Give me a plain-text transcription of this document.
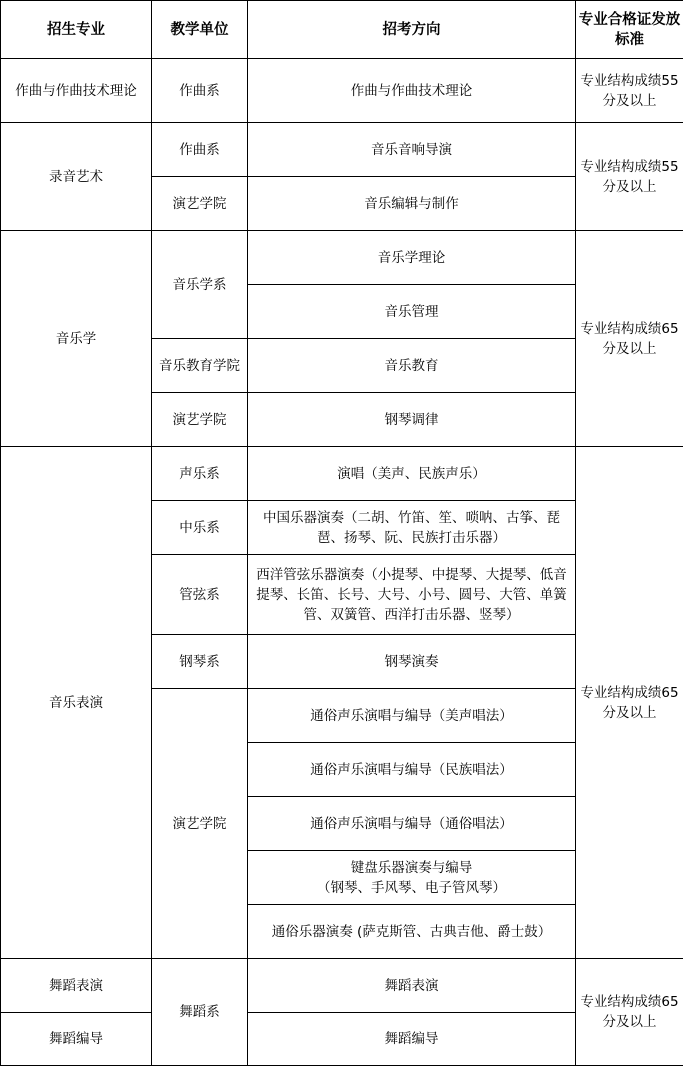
招生专业	教学单位	招考方向	专业合格证发放标准
作曲与作曲技术理论	作曲系	作曲与作曲技术理论	专业结构成绩55分及以上
录音艺术	作曲系	音乐音响导演	专业结构成绩55分及以上
	演艺学院	音乐编辑与制作	
音乐学	音乐学系	音乐学理论	专业结构成绩65分及以上
		音乐管理	
	音乐教育学院	音乐教育	
	演艺学院	钢琴调律	
音乐表演	声乐系	演唱（美声、民族声乐）	专业结构成绩65分及以上
	中乐系	中国乐器演奏（二胡、竹笛、笙、唢呐、古筝、琵琶、扬琴、阮、民族打击乐器）	
	管弦系	西洋管弦乐器演奏（小提琴、中提琴、大提琴、低音提琴、长笛、长号、大号、小号、圆号、大管、单簧管、双簧管、西洋打击乐器、竖琴）	
	钢琴系	钢琴演奏	
	演艺学院	通俗声乐演唱与编导（美声唱法）	
		通俗声乐演唱与编导（民族唱法）	
		通俗声乐演唱与编导（通俗唱法）	

		键盘乐器演奏与编导
（钢琴、手风琴、电子管风琴）	

		通俗乐器演奏 (萨克斯管、古典吉他、爵士鼓）	
舞蹈表演	舞蹈系	舞蹈表演	专业结构成绩65分及以上
舞蹈编导		舞蹈编导	
